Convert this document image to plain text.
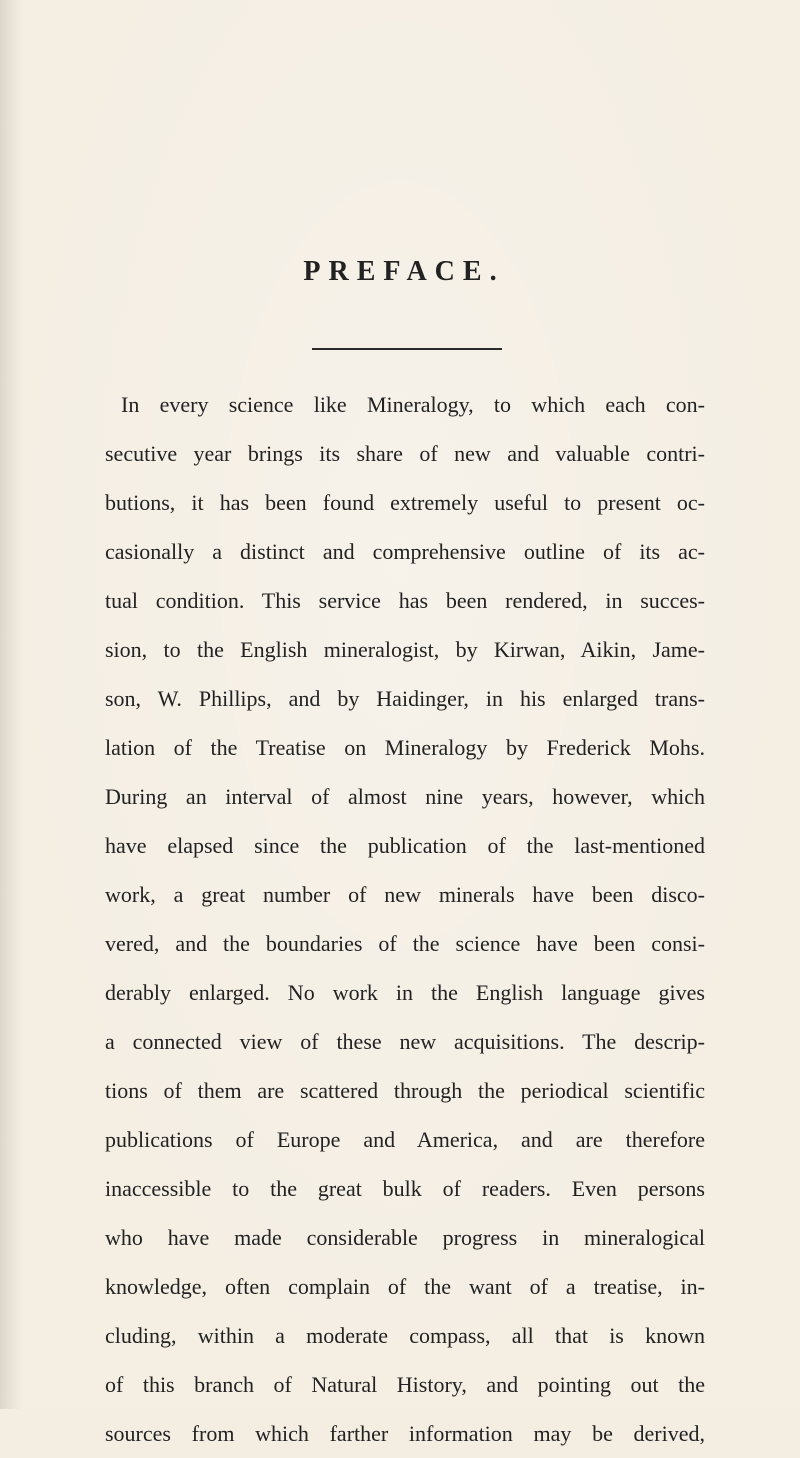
PREFACE.
In every science like Mineralogy, to which each con-
secutive year brings its share of new and valuable contri-
butions, it has been found extremely useful to present oc-
casionally a distinct and comprehensive outline of its ac-
tual condition. This service has been rendered, in succes-
sion, to the English mineralogist, by Kirwan, Aikin, Jame-
son, W. Phillips, and by Haidinger, in his enlarged trans-
lation of the Treatise on Mineralogy by Frederick Mohs.
During an interval of almost nine years, however, which
have elapsed since the publication of the last-mentioned
work, a great number of new minerals have been disco-
vered, and the boundaries of the science have been consi-
derably enlarged. No work in the English language gives
a connected view of these new acquisitions. The descrip-
tions of them are scattered through the periodical scientific
publications of Europe and America, and are therefore
inaccessible to the great bulk of readers. Even persons
who have made considerable progress in mineralogical
knowledge, often complain of the want of a treatise, in-
cluding, within a moderate compass, all that is known
of this branch of Natural History, and pointing out the
sources from which farther information may be derived,
